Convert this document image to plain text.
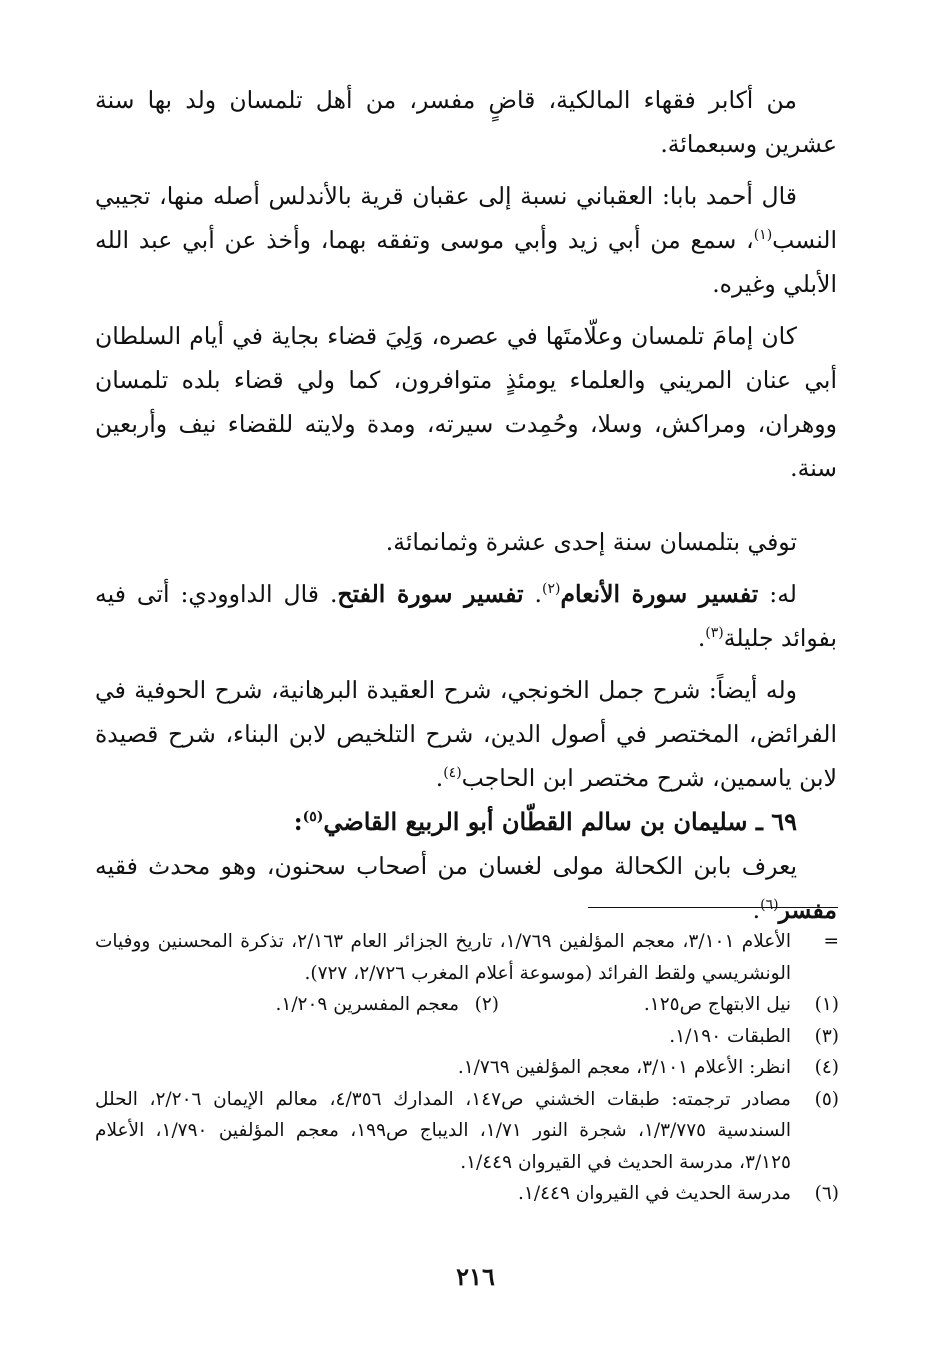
من أكابر فقهاء المالكية، قاضٍ مفسر، من أهل تلمسان ولد بها سنة عشرين وسبعمائة.

قال أحمد بابا: العقباني نسبة إلى عقبان قرية بالأندلس أصله منها، تجيبي النسب$^{(١)}$، سمع من أبي زيد وأبي موسى وتفقه بهما، وأخذ عن أبي عبد الله الأبلي وغيره.

كان إمامَ تلمسان وعلّامتَها في عصره، وَلِيَ قضاء بجاية في أيام السلطان أبي عنان المريني والعلماء يومئذٍ متوافرون، كما ولي قضاء بلده تلمسان ووهران، ومراكش، وسلا، وحُمِدت سيرته، ومدة ولايته للقضاء نيف وأربعين سنة.

توفي بتلمسان سنة إحدى عشرة وثمانمائة.

له: تفسير سورة الأنعام$^{(٢)}$. تفسير سورة الفتح. قال الداوودي: أتى فيه بفوائد جليلة$^{(٣)}$.

وله أيضاً: شرح جمل الخونجي، شرح العقيدة البرهانية، شرح الحوفية في الفرائض، المختصر في أصول الدين، شرح التلخيص لابن البناء، شرح قصيدة لابن ياسمين، شرح مختصر ابن الحاجب$^{(٤)}$.

٦٩ ـ سليمان بن سالم القطّان أبو الربيع القاضي$^{(٥)}$:

يعرف بابن الكحالة مولى لغسان من أصحاب سحنون، وهو محدث فقيه مفسر$^{(٦)}$.

=
الأعلام ٣/١٠١، معجم المؤلفين ١/٧٦٩، تاريخ الجزائر العام ٢/١٦٣، تذكرة المحسنين ووفيات الونشريسي ولقط الفرائد (موسوعة أعلام المغرب ٢/٧٢٦، ٧٢٧).
(١)
نيل الابتهاج ص١٢٥.
(٢)
معجم المفسرين ١/٢٠٩.
(٣)
الطبقات ١/١٩٠.
(٤)
انظر: الأعلام ٣/١٠١، معجم المؤلفين ١/٧٦٩.
(٥)
مصادر ترجمته: طبقات الخشني ص١٤٧، المدارك ٤/٣٥٦، معالم الإيمان ٢/٢٠٦، الحلل السندسية ١/٣/٧٧٥، شجرة النور ١/٧١، الديباج ص١٩٩، معجم المؤلفين ١/٧٩٠، الأعلام ٣/١٢٥، مدرسة الحديث في القيروان ١/٤٤٩.
(٦)
مدرسة الحديث في القيروان ١/٤٤٩.
٢١٦
